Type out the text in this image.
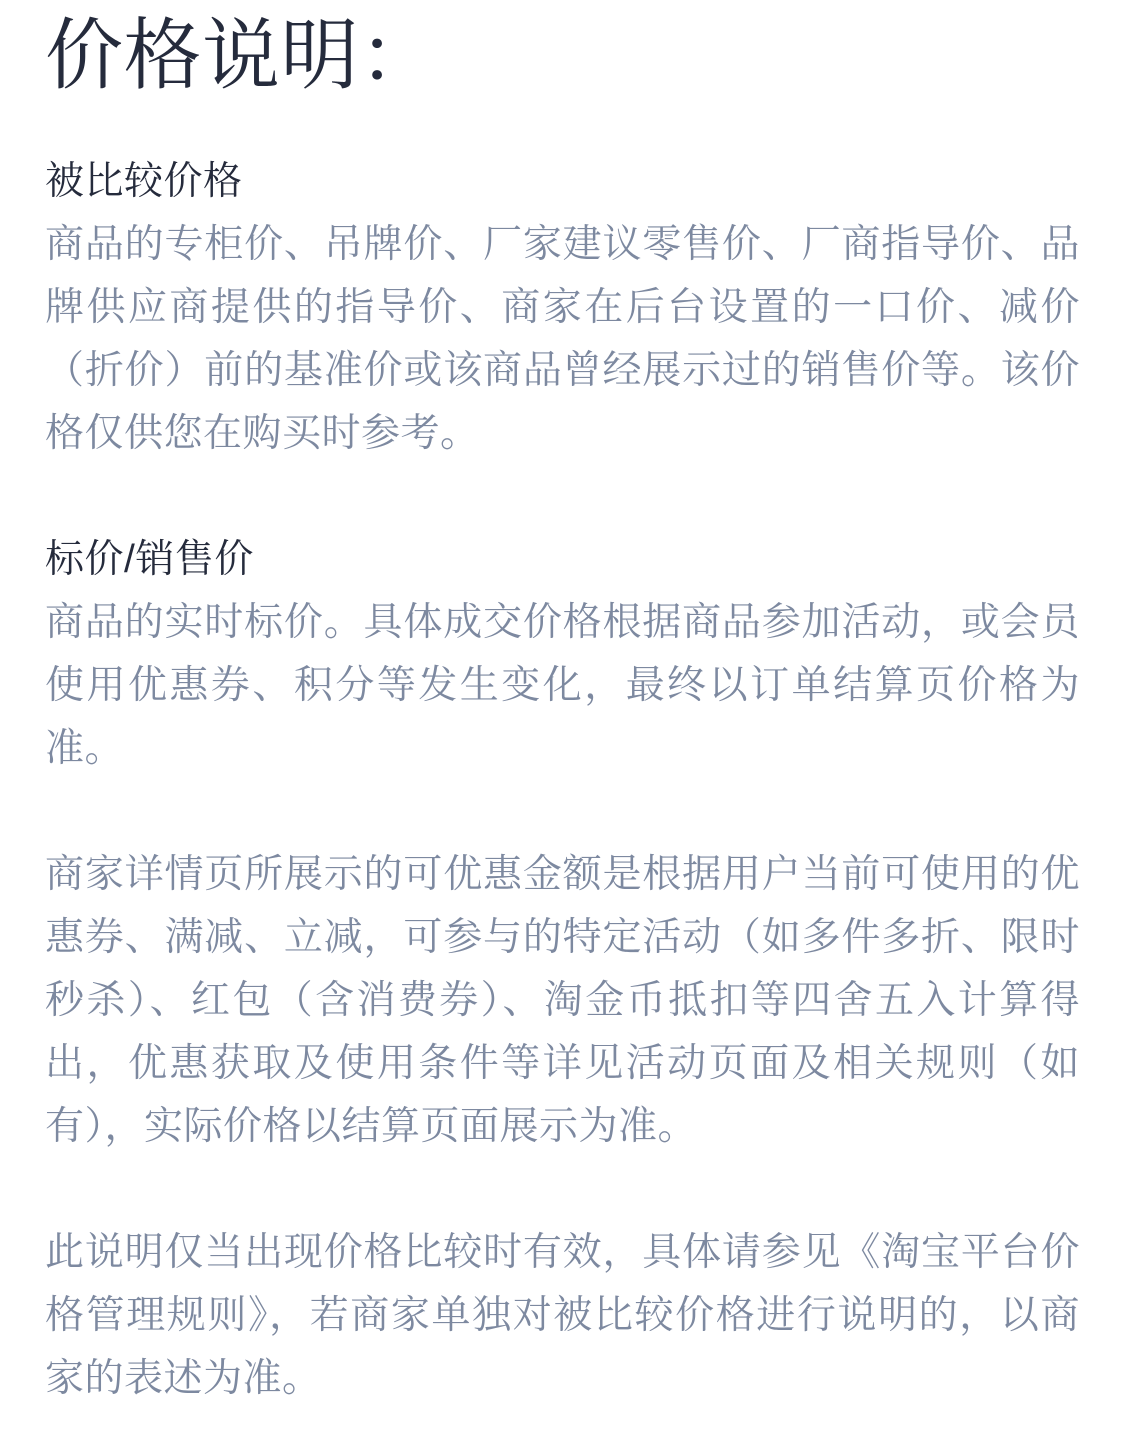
价格说明：
被比较价格
商品的专柜价、吊牌价、厂家建议零售价、厂商指导价、品牌供应商提供的指导价、商家在后台设置的一口价、减价（折价）前的基准价或该商品曾经展示过的销售价等。该价格仅供您在购买时参考。
标价/销售价
商品的实时标价。具体成交价格根据商品参加活动，或会员使用优惠券、积分等发生变化，最终以订单结算页价格为准。
商家详情页所展示的可优惠金额是根据用户当前可使用的优惠券、满减、立减，可参与的特定活动（如多件多折、限时秒杀）、红包（含消费券）、淘金币抵扣等四舍五入计算得出，优惠获取及使用条件等详见活动页面及相关规则（如有），实际价格以结算页面展示为准。
此说明仅当出现价格比较时有效，具体请参见《淘宝平台价格管理规则》，若商家单独对被比较价格进行说明的，以商家的表述为准。
